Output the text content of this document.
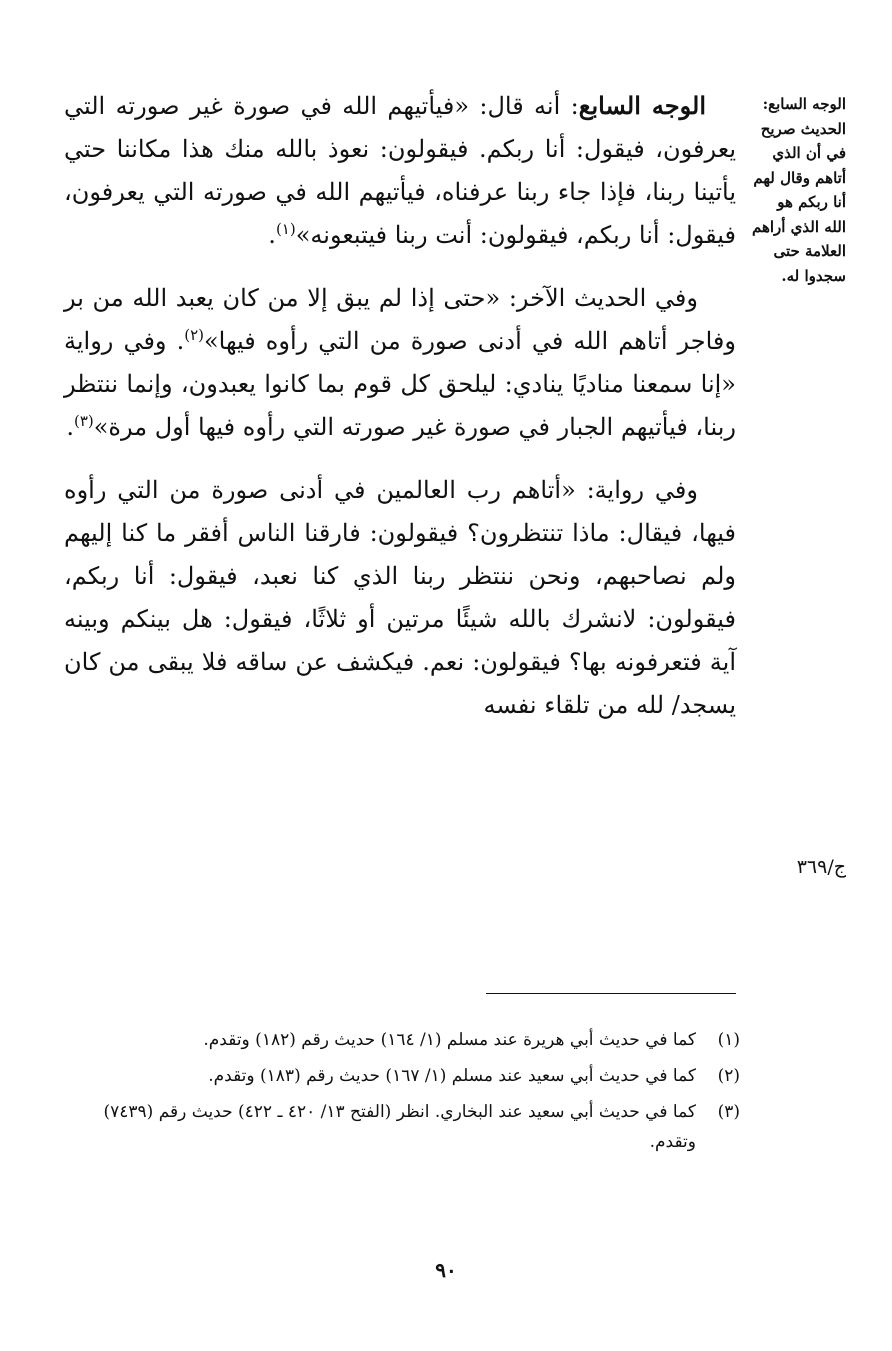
الوجه السابع: الحديث صريح في أن الذي أتاهم وقال لهم أنا ربكم هو الله الذي أراهم العلامة حتى سجدوا له.
ج/٣٦٩

الوجه السابع: أنه قال: «فيأتيهم الله في صورة غير صورته التي يعرفون، فيقول: أنا ربكم. فيقولون: نعوذ بالله منك هذا مكاننا حتي يأتينا ربنا، فإذا جاء ربنا عرفناه، فيأتيهم الله في صورته التي يعرفون، فيقول: أنا ربكم، فيقولون: أنت ربنا فيتبعونه»$^{(١)}$.

وفي الحديث الآخر: «حتى إذا لم يبق إلا من كان يعبد الله من بر وفاجر أتاهم الله في أدنى صورة من التي رأوه فيها»$^{(٢)}$. وفي رواية «إنا سمعنا مناديًا ينادي: ليلحق كل قوم بما كانوا يعبدون، وإنما ننتظر ربنا، فيأتيهم الجبار في صورة غير صورته التي رأوه فيها أول مرة»$^{(٣)}$.

وفي رواية: «أتاهم رب العالمين في أدنى صورة من التي رأوه فيها، فيقال: ماذا تنتظرون؟ فيقولون: فارقنا الناس أفقر ما كنا إليهم ولم نصاحبهم، ونحن ننتظر ربنا الذي كنا نعبد، فيقول: أنا ربكم، فيقولون: لانشرك بالله شيئًا مرتين أو ثلاثًا، فيقول: هل بينكم وبينه آية فتعرفونه بها؟ فيقولون: نعم. فيكشف عن ساقه فلا يبقى من كان يسجد/ لله من تلقاء نفسه

(١)
كما في حديث أبي هريرة عند مسلم (١/ ١٦٤) حديث رقم (١٨٢) وتقدم.
(٢)
كما في حديث أبي سعيد عند مسلم (١/ ١٦٧) حديث رقم (١٨٣) وتقدم.
(٣)
كما في حديث أبي سعيد عند البخاري. انظر (الفتح ١٣/ ٤٢٠ ـ ٤٢٢) حديث رقم (٧٤٣٩) وتقدم.
٩٠
